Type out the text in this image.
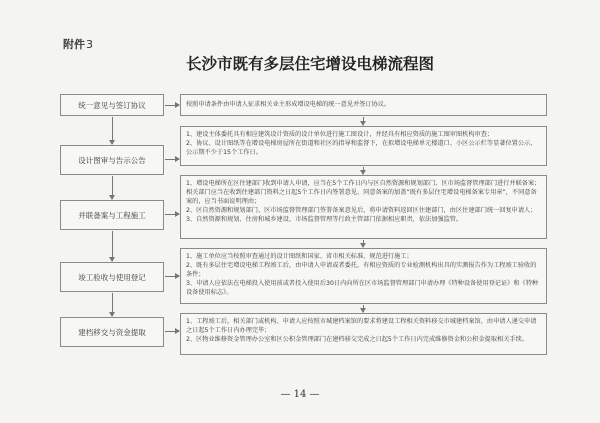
附件3
长沙市既有多层住宅增设电梯流程图
统一意见与签订协议	按照申请条件由申请人征求相关业主形成增设电梯的统一意见并签订协议。

设计图审与告示公告

1、建设主体委托具有相应建筑设计资质的设计单位进行施工图设计，并经具有相应资质的施工图审图机构审查；

2、协议、设计图纸等在增设电梯房屋所在街道和社区的指导和监督下，在拟增设电梯单元楼道口、小区公示栏等显著位置公示，公示期不少于15个工作日。

并联备案与工程施工

1、增设电梯所在区住建部门收到申请人申请，应当在5个工作日内与区自然资源和规划部门、区市场监督管理部门进行并联备案；相关部门应当在收到住建部门资料之日起5个工作日内签署意见，同意备案的加盖“既有多层住宅增设电梯备案专用章”，不同意备案的，应当书面说明理由；

2、区自然资源和规划部门、区市场监督管理部门签署备案意见后，将申请资料返回区住建部门，由区住建部门统一回复申请人；

3、自然资源和规划、住房和城乡建设、市场监督管理等行政主管部门依据相应职责，依法加强监管。

竣工验收与使用登记

1、施工单位应当按照审查通过的设计图纸和国家、省市相关标准、规范进行施工；

2、既有多层住宅增设电梯工程竣工后，由申请人申请或者委托，有相应资质的专业检测机构出具的实测报告作为工程竣工验收的条件；

3、申请人应依法在电梯投入使用前或者投入使用后30日内向所在区市场监督管理部门申请办理《特种设备使用登记证》和《特种设备使用标志》。

建档移交与资金提取

1、工程竣工后，相关部门或机构、申请人应按照市城建档案馆的要求将建设工程相关资料移交市城建档案馆，由申请人递交申请之日起5个工作日内办理完毕；

2、区物业维修资金管理办公室和区公积金管理部门在建档移交完成之日起5个工作日内完成维修资金和公积金提取相关手续。

— 14 —
